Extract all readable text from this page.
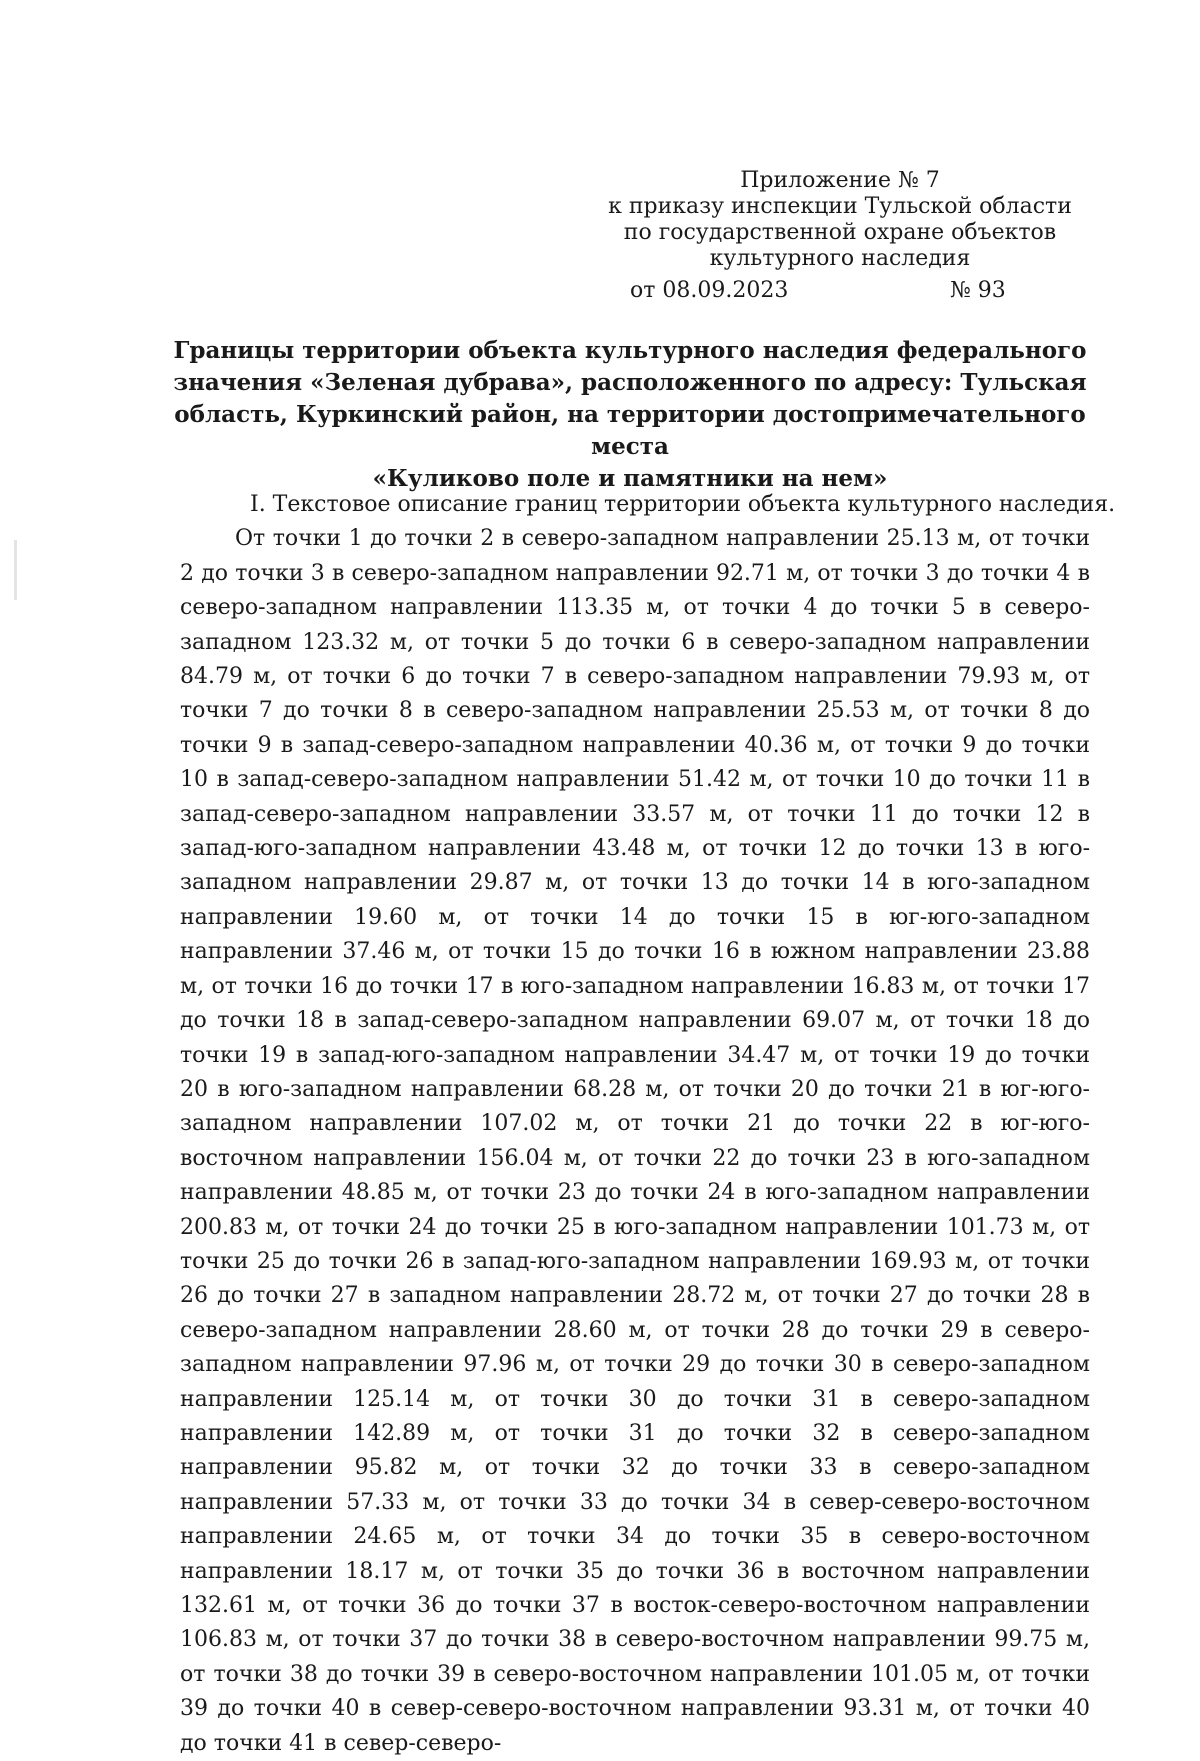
Приложение № 7
к приказу инспекции Тульской области
по государственной охране объектов
культурного наследия
от 08.09.2023	№ 93
Границы территории объекта культурного наследия федерального
значения «Зеленая дубрава», расположенного по адресу: Тульская
область, Куркинский район, на территории достопримечательного места
«Куликово поле и памятники на нем»
I. Текстовое описание границ территории объекта культурного наследия.

От точки 1 до точки 2 в северо-западном направлении 25.13 м, от точки 2 до точки 3 в северо-западном направлении 92.71 м, от точки 3 до точки 4 в северо-западном направлении 113.35 м, от точки 4 до точки 5 в северо-западном 123.32 м, от точки 5 до точки 6 в северо-западном направлении 84.79 м, от точки 6 до точки 7 в северо-западном направлении 79.93 м, от точки 7 до точки 8 в северо-западном направлении 25.53 м, от точки 8 до точки 9 в запад-северо-западном направлении 40.36 м, от точки 9 до точки 10 в запад-северо-западном направлении 51.42 м, от точки 10 до точки 11 в запад-северо-западном направлении 33.57 м, от точки 11 до точки 12 в запад-юго-западном направлении 43.48 м, от точки 12 до точки 13 в юго-западном направлении 29.87 м, от точки 13 до точки 14 в юго-западном направлении 19.60 м, от точки 14 до точки 15 в юг-юго-западном направлении 37.46 м, от точки 15 до точки 16 в южном направлении 23.88 м, от точки 16 до точки 17 в юго-западном направлении 16.83 м, от точки 17 до точки 18 в запад-северо-западном направлении 69.07 м, от точки 18 до точки 19 в запад-юго-западном направлении 34.47 м, от точки 19 до точки 20 в юго-западном направлении 68.28 м, от точки 20 до точки 21 в юг-юго-западном направлении 107.02 м, от точки 21 до точки 22 в юг-юго-восточном направлении 156.04 м, от точки 22 до точки 23 в юго-западном направлении 48.85 м, от точки 23 до точки 24 в юго-западном направлении 200.83 м, от точки 24 до точки 25 в юго-западном направлении 101.73 м, от точки 25 до точки 26 в запад-юго-западном направлении 169.93 м, от точки 26 до точки 27 в западном направлении 28.72 м, от точки 27 до точки 28 в северо-западном направлении 28.60 м, от точки 28 до точки 29 в северо-западном направлении 97.96 м, от точки 29 до точки 30 в северо-западном направлении 125.14 м, от точки 30 до точки 31 в северо-западном направлении 142.89 м, от точки 31 до точки 32 в северо-западном направлении 95.82 м, от точки 32 до точки 33 в северо-западном направлении 57.33 м, от точки 33 до точки 34 в север-северо-восточном направлении 24.65 м, от точки 34 до точки 35 в северо-восточном направлении 18.17 м, от точки 35 до точки 36 в восточном направлении 132.61 м, от точки 36 до точки 37 в восток-северо-восточном направлении 106.83 м, от точки 37 до точки 38 в северо-восточном направлении 99.75 м, от точки 38 до точки 39 в северо-восточном направлении 101.05 м, от точки 39 до точки 40 в север-северо-восточном направлении 93.31 м, от точки 40 до точки 41 в север-северо-
